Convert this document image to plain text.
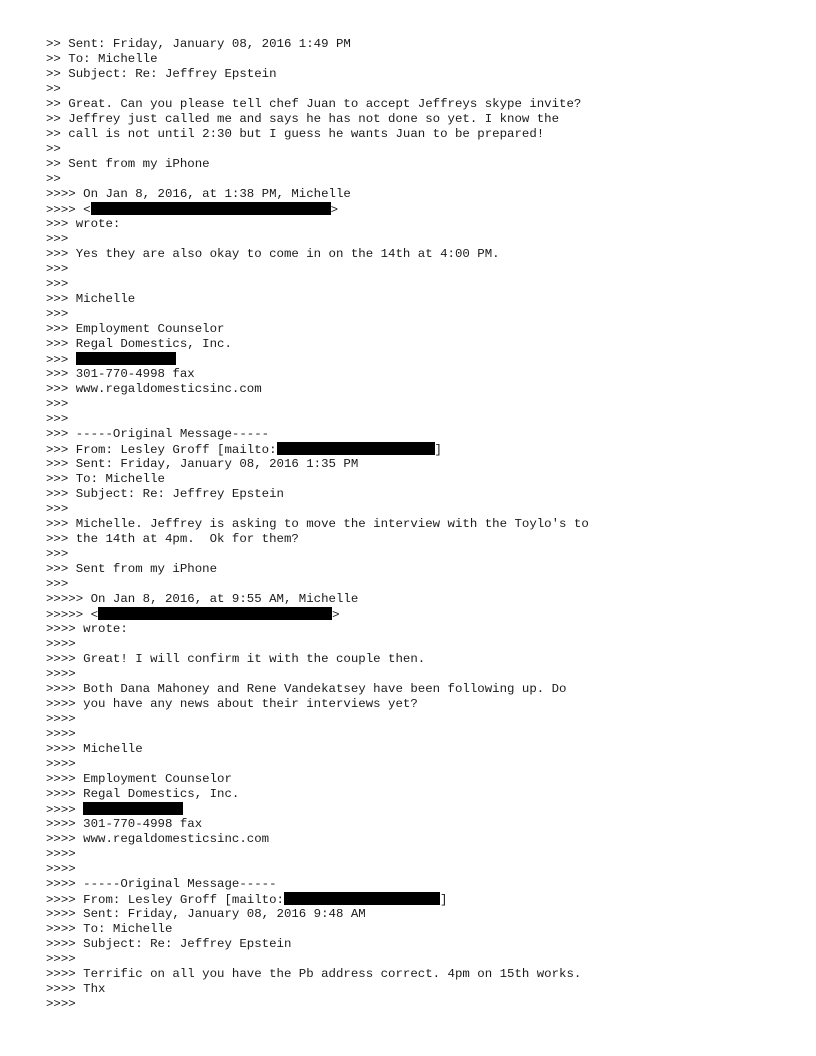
>> Sent: Friday, January 08, 2016 1:49 PM
>> To: Michelle
>> Subject: Re: Jeffrey Epstein
>>
>> Great. Can you please tell chef Juan to accept Jeffreys skype invite?
>> Jeffrey just called me and says he has not done so yet. I know the
>> call is not until 2:30 but I guess he wants Juan to be prepared!
>>
>> Sent from my iPhone
>>
>>>> On Jan 8, 2016, at 1:38 PM, Michelle
>>>> <	>
>>> wrote:
>>>
>>> Yes they are also okay to come in on the 14th at 4:00 PM.
>>>
>>>
>>> Michelle
>>>
>>> Employment Counselor
>>> Regal Domestics, Inc.
>>>
>>> 301-770-4998 fax
>>> www.regaldomesticsinc.com
>>>
>>>
>>> -----Original Message-----
>>> From: Lesley Groff [mailto:	]
>>> Sent: Friday, January 08, 2016 1:35 PM
>>> To: Michelle
>>> Subject: Re: Jeffrey Epstein
>>>
>>> Michelle. Jeffrey is asking to move the interview with the Toylo's to
>>> the 14th at 4pm.  Ok for them?
>>>
>>> Sent from my iPhone
>>>
>>>>> On Jan 8, 2016, at 9:55 AM, Michelle
>>>>> <	>
>>>> wrote:
>>>>
>>>> Great! I will confirm it with the couple then.
>>>>
>>>> Both Dana Mahoney and Rene Vandekatsey have been following up. Do
>>>> you have any news about their interviews yet?
>>>>
>>>>
>>>> Michelle
>>>>
>>>> Employment Counselor
>>>> Regal Domestics, Inc.
>>>>
>>>> 301-770-4998 fax
>>>> www.regaldomesticsinc.com
>>>>
>>>>
>>>> -----Original Message-----
>>>> From: Lesley Groff [mailto:	]
>>>> Sent: Friday, January 08, 2016 9:48 AM
>>>> To: Michelle
>>>> Subject: Re: Jeffrey Epstein
>>>>
>>>> Terrific on all you have the Pb address correct. 4pm on 15th works.
>>>> Thx
>>>>
